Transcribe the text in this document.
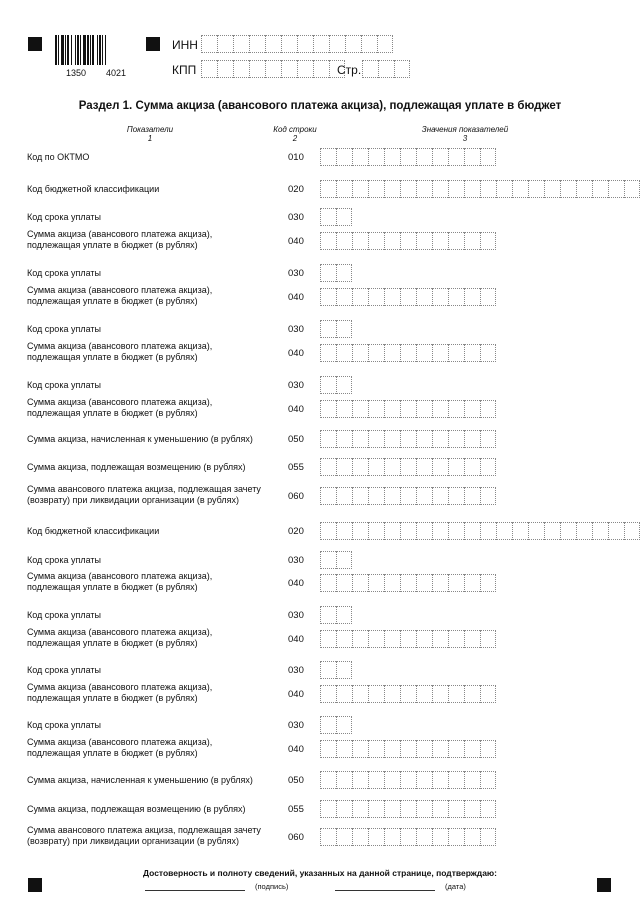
1350 4021
ИНН
КПП	Стр.
Раздел 1. Сумма акциза (авансового платежа акциза), подлежащая уплате в бюджет
Показатели
1
Код строки
2
Значения показателей
3
Код по ОКТМО	010
Код бюджетной классификации	020
Код срока уплаты	030
Сумма акциза (авансового платежа акциза),
подлежащая уплате в бюджет (в рублях)	040
Код срока уплаты	030
Сумма акциза (авансового платежа акциза),
подлежащая уплате в бюджет (в рублях)	040
Код срока уплаты	030
Сумма акциза (авансового платежа акциза),
подлежащая уплате в бюджет (в рублях)	040
Код срока уплаты	030
Сумма акциза (авансового платежа акциза),
подлежащая уплате в бюджет (в рублях)	040
Сумма акциза, начисленная к уменьшению (в рублях)	050
Сумма акциза, подлежащая возмещению (в рублях)	055
Сумма авансового платежа акциза, подлежащая зачету
(возврату) при ликвидации организации (в рублях)	060
Код бюджетной классификации	020
Код срока уплаты	030
Сумма акциза (авансового платежа акциза),
подлежащая уплате в бюджет (в рублях)	040
Код срока уплаты	030
Сумма акциза (авансового платежа акциза),
подлежащая уплате в бюджет (в рублях)	040
Код срока уплаты	030
Сумма акциза (авансового платежа акциза),
подлежащая уплате в бюджет (в рублях)	040
Код срока уплаты	030
Сумма акциза (авансового платежа акциза),
подлежащая уплате в бюджет (в рублях)	040
Сумма акциза, начисленная к уменьшению (в рублях)	050
Сумма акциза, подлежащая возмещению (в рублях)	055
Сумма авансового платежа акциза, подлежащая зачету
(возврату) при ликвидации организации (в рублях)	060
Достоверность и полноту сведений, указанных на данной странице, подтверждаю:
(подпись)	(дата)
